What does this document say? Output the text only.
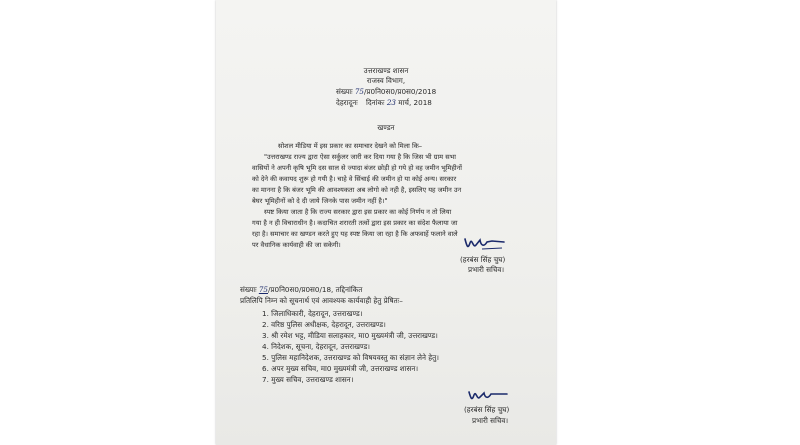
उत्तराखण्ड शासन
राजस्व विभाग,
संख्याः 75/प्र0नि0स0/प्र0स0/2018
देहरादूनः दिनांकः 23 मार्च, 2018
खण्डन
सोशल मीडिया में इस प्रकार का समाचार देखने को मिला कि–
"उत्तराखण्ड राज्य द्वारा ऐसा सर्कुलर जारी कर दिया गया है कि जिस भी ग्राम सभा
वासियों ने अपनी कृषि भूमि दस साल से ज्यादा बंजर छोड़ी हो गये हो वह जमीन भूमिहीनों
को देने की कवायद शुरू हो गयी है। चाहे वे सिंचाई की जमीन हो या कोई अन्य। सरकार
का मानना है कि बंजर भूमि की आवश्यकता अब लोगो को नही है, इसलिए यह जमीन उन
बेघर भूमिहीनों को दे दी जाये जिनके पास जमीन नहीं है।"
स्पष्ट किया जाता है कि राज्य सरकार द्वारा इस प्रकार का कोई निर्णय न तो लिया
गया है न ही विचाराधीन है। कदाचित शरारती तत्वों द्वारा इस प्रकार का संदेश फैलाया जा
रहा है। समाचार का खण्डन करते हुए यह स्पष्ट किया जा रहा है कि अफवाहें फलाने वाले
पर वैधानिक कार्यवाही की जा सकेगी।
(हरबंस सिंह चुघ)
प्रभारी सचिव।
संख्याः 75/प्र0नि0स0/प्र0स0/18, तद्दिनांकित
प्रतिलिपि निम्न को सूचनार्थ एवं आवश्यक कार्यवाही हेतु प्रेषितः–
1. जिलाधिकारी, देहरादून, उत्तराखण्ड।
2. वरिष्ठ पुलिस अधीक्षक, देहरादून, उत्तराखण्ड।
3. श्री रमेश भट्ट, मीडिया सलाहकार, मा0 मुख्यमंत्री जी, उत्तराखण्ड।
4. निदेशक, सूचना, देहरादून, उत्तराखण्ड।
5. पुलिस महानिदेशक, उत्तराखण्ड को विषयवस्तु का संज्ञान लेने हेतु।
6. अपर मुख्य सचिव, मा0 मुख्यमंत्री जी, उत्तराखण्ड शासन।
7. मुख्य सचिव, उत्तराखण्ड शासन।
(हरबंस सिंह चुघ)
प्रभारी सचिव।
